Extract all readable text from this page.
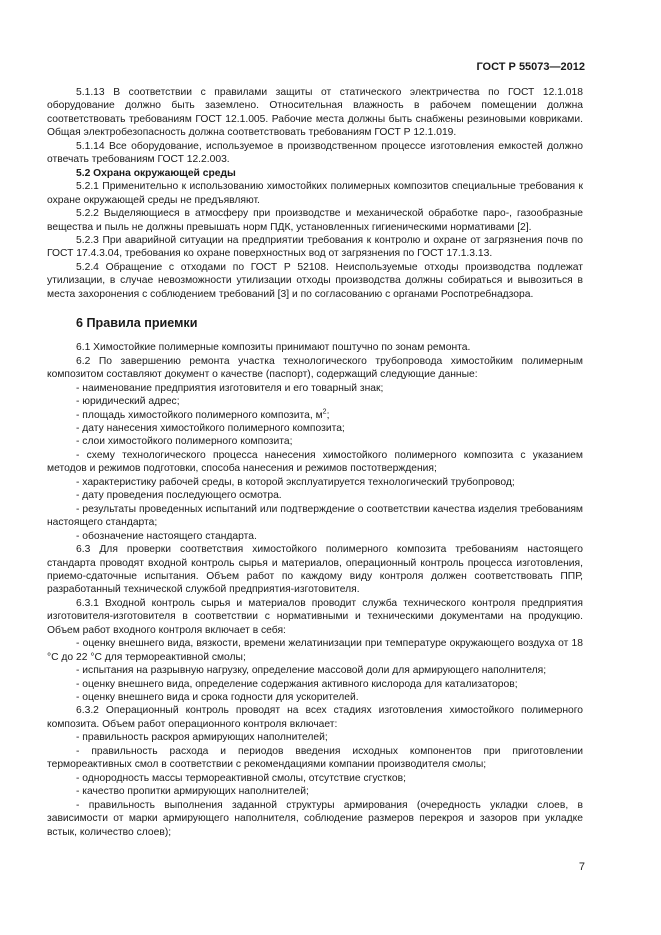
ГОСТ Р 55073—2012

5.1.13 В соответствии с правилами защиты от статического электричества по ГОСТ 12.1.018 оборудование должно быть заземлено. Относительная влажность в рабочем помещении должна соответствовать требованиям ГОСТ 12.1.005. Рабочие места должны быть снабжены резиновыми ковриками. Общая электробезопасность должна соответствовать требованиям ГОСТ Р 12.1.019.

5.1.14 Все оборудование, используемое в производственном процессе изготовления емкостей должно отвечать требованиям ГОСТ 12.2.003.

5.2 Охрана окружающей среды

5.2.1 Применительно к использованию химостойких полимерных композитов специальные требования к охране окружающей среды не предъявляют.

5.2.2 Выделяющиеся в атмосферу при производстве и механической обработке паро-, газообразные вещества и пыль не должны превышать норм ПДК, установленных гигиеническими нормативами [2].

5.2.3 При аварийной ситуации на предприятии требования к контролю и охране от загрязнения почв по ГОСТ 17.4.3.04, требования ко охране поверхностных вод от загрязнения по ГОСТ 17.1.3.13.

5.2.4 Обращение с отходами по ГОСТ Р 52108. Неиспользуемые отходы производства подлежат утилизации, в случае невозможности утилизации отходы производства должны собираться и вывозиться в места захоронения с соблюдением требований [3] и по согласованию с органами Роспотребнадзора.

6 Правила приемки

6.1 Химостойкие полимерные композиты принимают поштучно по зонам ремонта.

6.2 По завершению ремонта участка технологического трубопровода химостойким полимерным композитом составляют документ о качестве (паспорт), содержащий следующие данные:

- наименование предприятия изготовителя и его товарный знак;

- юридический адрес;

- площадь химостойкого полимерного композита, $м^2$;

- дату нанесения химостойкого полимерного композита;

- слои химостойкого полимерного композита;

- схему технологического процесса нанесения химостойкого полимерного композита с указанием методов и режимов подготовки, способа нанесения и режимов постотверждения;

- характеристику рабочей среды, в которой эксплуатируется технологический трубопровод;

- дату проведения последующего осмотра.

- результаты проведенных испытаний или подтверждение о соответствии качества изделия требованиям настоящего стандарта;

- обозначение настоящего стандарта.

6.3 Для проверки соответствия химостойкого полимерного композита требованиям настоящего стандарта проводят входной контроль сырья и материалов, операционный контроль процесса изготовления, приемо-сдаточные испытания. Объем работ по каждому виду контроля должен соответствовать ППР, разработанный технической службой предприятия-изготовителя.

6.3.1 Входной контроль сырья и материалов проводит служба технического контроля предприятия изготовителя-изготовителя в соответствии с нормативными и техническими документами на продукцию. Объем работ входного контроля включает в себя:

- оценку внешнего вида, вязкости, времени желатинизации при температуре окружающего воздуха от 18 °С до 22 °С для термореактивной смолы;

- испытания на разрывную нагрузку, определение массовой доли для армирующего наполнителя;

- оценку внешнего вида, определение содержания активного кислорода для катализаторов;

- оценку внешнего вида и срока годности для ускорителей.

6.3.2 Операционный контроль проводят на всех стадиях изготовления химостойкого полимерного композита. Объем работ операционного контроля включает:

- правильность раскроя армирующих наполнителей;

- правильность расхода и периодов введения исходных компонентов при приготовлении термореактивных смол в соответствии с рекомендациями компании производителя смолы;

- однородность массы термореактивной смолы, отсутствие сгустков;

- качество пропитки армирующих наполнителей;

- правильность выполнения заданной структуры армирования (очередность укладки слоев, в зависимости от марки армирующего наполнителя, соблюдение размеров перекроя и зазоров при укладке встык, количество слоев);

7
